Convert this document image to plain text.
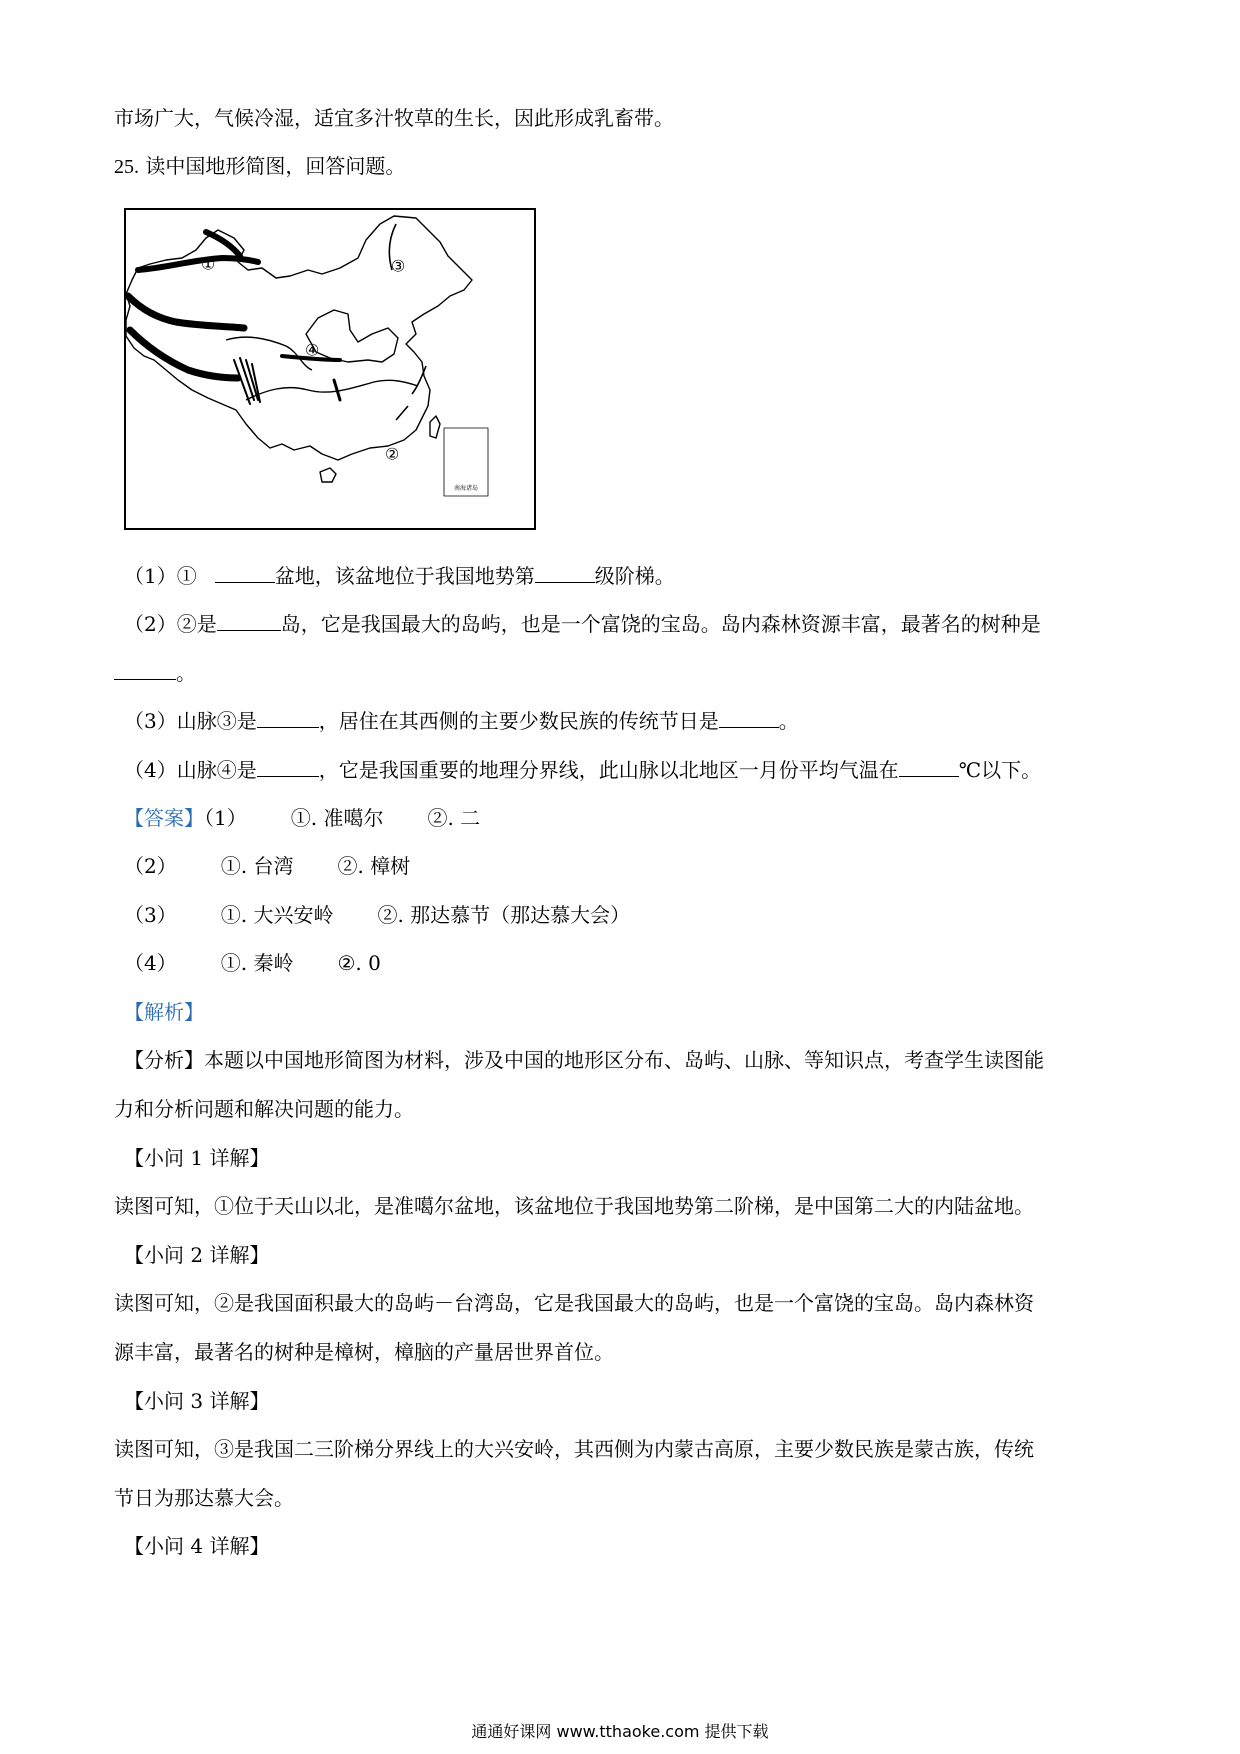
市场广大，气候冷湿，适宜多汁牧草的生长，因此形成乳畜带。
25. 读中国地形简图，回答问题。
①
②
③
④
南海诸岛
（1）①	盆地，该盆地位于我国地势第	级阶梯。
（2）②是	岛，它是我国最大的岛屿，也是一个富饶的宝岛。岛内森林资源丰富，最著名的树种是
。
（3）山脉③是	，居住在其西侧的主要少数民族的传统节日是	。
（4）山脉④是	，它是我国重要的地理分界线，此山脉以北地区一月份平均气温在	℃以下。
【答案】（1） ①. 准噶尔 ②. 二
（2） ①. 台湾 ②. 樟树
（3） ①. 大兴安岭 ②. 那达慕节（那达慕大会）
（4） ①. 秦岭 ②. 0
【解析】
【分析】本题以中国地形简图为材料，涉及中国的地形区分布、岛屿、山脉、等知识点，考查学生读图能
力和分析问题和解决问题的能力。
【小问 1 详解】
读图可知，①位于天山以北，是准噶尔盆地，该盆地位于我国地势第二阶梯，是中国第二大的内陆盆地。
【小问 2 详解】
读图可知，②是我国面积最大的岛屿－台湾岛，它是我国最大的岛屿，也是一个富饶的宝岛。岛内森林资
源丰富，最著名的树种是樟树，樟脑的产量居世界首位。
【小问 3 详解】
读图可知，③是我国二三阶梯分界线上的大兴安岭，其西侧为内蒙古高原，主要少数民族是蒙古族，传统
节日为那达慕大会。
【小问 4 详解】
通通好课网 www.tthaoke.com 提供下载
